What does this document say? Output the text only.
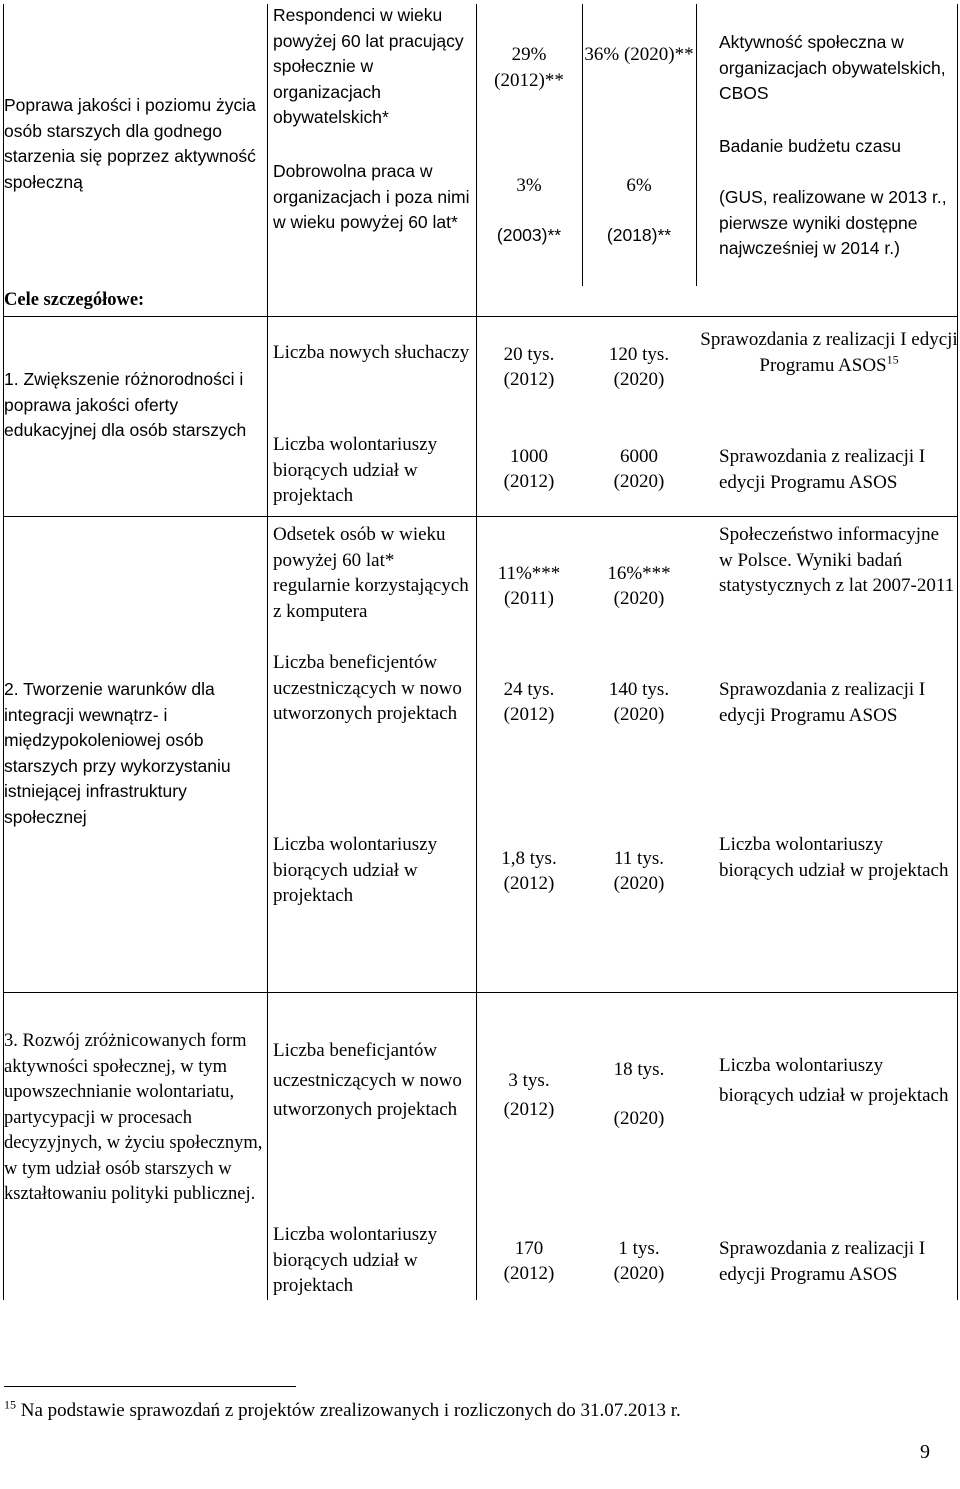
Poprawa jakości i poziomu życia osób starszych dla godnego starzenia się poprzez aktywność społeczną
Cele szczegółowe:
Respondenci w wieku powyżej 60 lat pracujący społecznie w organizacjach obywatelskich*
29% (2012)**
36% (2020)**
Aktywność społeczna w organizacjach obywatelskich, CBOS
Dobrowolna praca w organizacjach i poza nimi w wieku powyżej 60 lat*
3%
(2003)**
6%
(2018)**
Badanie budżetu czasu
(GUS, realizowane w 2013 r., pierwsze wyniki dostępne najwcześniej w 2014 r.)
1. Zwiększenie różnorodności i poprawa jakości oferty edukacyjnej dla osób starszych
Liczba nowych słuchaczy	20 tys.
(2012)
120 tys.
(2020)
Sprawozdania z realizacji I edycji Programu ASOS$^{15}$
Liczba wolontariuszy biorących udział w projektach
1000
(2012)
6000
(2020)
Sprawozdania z realizacji I edycji Programu ASOS
2. Tworzenie warunków dla integracji wewnątrz- i międzypokoleniowej osób starszych przy wykorzystaniu istniejącej infrastruktury społecznej
Odsetek osób w wieku powyżej 60 lat* regularnie korzystających z komputera
11%***
(2011)
16%***
(2020)
Społeczeństwo informacyjne w Polsce. Wyniki badań statystycznych z lat 2007-2011
Liczba beneficjentów uczestniczących w nowo utworzonych projektach
24 tys.
(2012)
140 tys.
(2020)
Sprawozdania z realizacji I edycji Programu ASOS
Liczba wolontariuszy biorących udział w projektach
1,8 tys.
(2012)
11 tys.
(2020)
Liczba wolontariuszy biorących udział w projektach
3. Rozwój zróżnicowanych form aktywności społecznej, w tym upowszechnianie wolontariatu, partycypacji w procesach decyzyjnych, w życiu społecznym, w tym udział osób starszych w kształtowaniu polityki publicznej.
Liczba beneficjantów uczestniczących w nowo utworzonych projektach
3 tys.
(2012)
18 tys.
(2020)
Liczba wolontariuszy biorących udział w projektach
Liczba wolontariuszy biorących udział w projektach
170
(2012)
1 tys.
(2020)
Sprawozdania z realizacji I edycji Programu ASOS
$^{15}$ Na podstawie sprawozdań z projektów zrealizowanych i rozliczonych do 31.07.2013 r.
9
